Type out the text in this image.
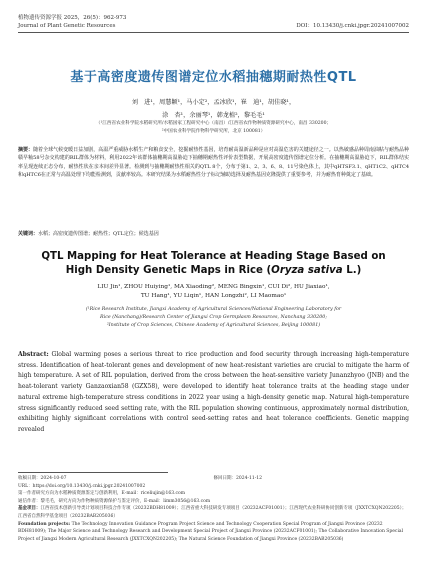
植物遗传资源学报 2025，26(5)：962-973
Journal of Plant Genetic Resources	DOI：10.13430/j.cnki.jpgr.20241007002
基于高密度遗传图谱定位水稻抽穗期耐热性QTL
刘　进¹，周慧颖¹，马小定²，孟冰欣¹，崔　迪¹，胡佳晓¹，
涂　杏¹，余丽琴¹，韩龙植²，黎毛毛¹
（¹江西省农业科学院水稻研究所/水稻国家工程研究中心（南昌）/江西省农作物种质资源研究中心，南昌 330200；
²中国农业科学院作物科学研究所，北京 100081）
摘要：随着全球气候变暖日益加剧，高温严重威胁水稻生产和粮食安全，挖掘耐热性基因，培育耐高温新品种是应对高温危害的关键途径之一。以热敏感品种周南油粘与耐热品种赣早籼58号杂交构建的RIL群体为材料，利用2022年该群体抽穗期高温胁迫下抽穗期耐热性评价表型数据，开展高密度遗传图谱定位分析。在抽穗期高温胁迫下，RIL群体结实率呈现连续正态分布，耐热性状在亲本间差异显著。检测到与抽穗期耐热性相关的QTL 8个，分布于第1、2、3、6、8、11号染色体上，其中qHTSF3.1、qHT1C2、qHTC4和qHTC6在正常与高温处理下均能检测到，贡献率较高。本研究结果为水稻耐热性分子标记辅助选择及耐热基因克隆提供了重要参考，并为耐热育种奠定了基础。
关键词：水稻；高密度遗传图谱；耐热性；QTL定位；候选基因
QTL Mapping for Heat Tolerance at Heading Stage Based on
High Density Genetic Maps in Rice (Oryza sativa L.)
LIU Jin¹, ZHOU Huiying¹, MA Xiaoding², MENG Bingxin¹, CUI Di², HU Jiaxiao¹,
TU Hang¹, YU Liqin¹, HAN Longzhi², LI Maomao¹
(¹Rice Research Institute, Jiangxi Academy of Agricultural Sciences/National Engineering Laboratory for
Rice (Nanchang)/Research Center of Jiangxi Crop Germplasm Resources, Nanchang 330200;
²Institute of Crop Sciences, Chinese Academy of Agricultural Sciences, Beijing 100081)
Abstract: Global warming poses a serious threat to rice production and food security through increasing high-temperature stress. Identification of heat-tolerant genes and development of new heat-resistant varieties are crucial to mitigate the harm of high temperature. A set of RIL population, derived from the cross between the heat-sensitive variety Junanzhyoo (JNB) and the heat-tolerant variety Ganzaoxian58 (GZX58), were developed to identify heat tolerance traits at the heading stage under natural extreme high-temperature stress conditions in 2022 year using a high-density genetic map. Natural high-temperature stress significantly reduced seed setting rate, with the RIL population showing continuous, approximately normal distribution, exhibiting highly significant correlations with control seed-setting rates and heat tolerance coefficients. Genetic mapping revealed
收稿日期：2024-10-07	修回日期：2024-11-12
URL：https://doi.org/10.13430/j.cnki.jpgr.20241007002
第一作者研究方向为水稻种质资源鉴定与创新利用，E-mail：riceliujin@163.com
通信作者：黎毛毛，研究方向为作物种质资源保护与鉴定评价，E-mail：limm3056@163.com
基金项目：江西省技术创新引导类计划项目科技合作专项（20232BDH81009）；江西省重大科技研发专项项目（20232ACF01001）；江西现代农业科研协同创新专项（JXXTCXQN202205）；江西省自然科学基金项目（20232BAB205036）
Foundation projects: The Technology Innovation Guidance Program Project Science and Technology Cooperation Special Program of Jiangxi Province (20232 BDH81009); The Major Science and Technology Research and Development Special Project of Jiangxi Province (20232ACF01001); The Collaborative Innovation Special Project of Jiangxi Modern Agricultural Research (JXXTCXQN202205); The Natural Science Foundation of Jiangxi Province (20232BAB205036)
